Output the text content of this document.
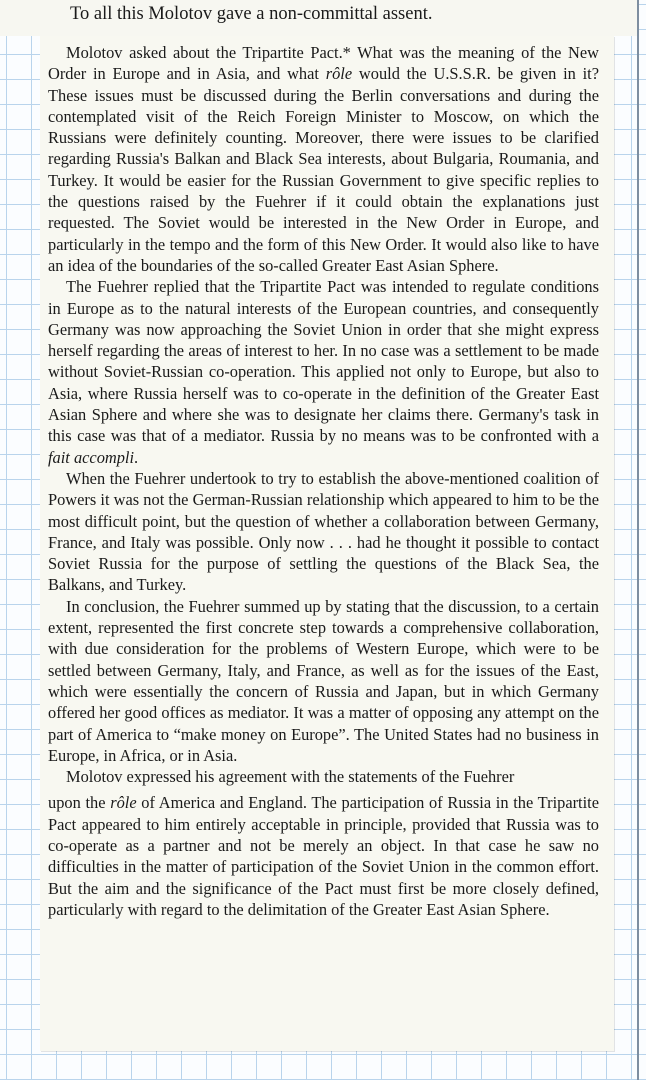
To all this Molotov gave a non-committal assent.

Molotov asked about the Tripartite Pact.* What was the meaning of the New Order in Europe and in Asia, and what rôle would the U.S.S.R. be given in it? These issues must be discussed during the Berlin conversations and during the contemplated visit of the Reich Foreign Minister to Moscow, on which the Russians were definitely counting. Moreover, there were issues to be clarified regarding Russia's Balkan and Black Sea interests, about Bulgaria, Roumania, and Turkey. It would be easier for the Russian Government to give specific replies to the questions raised by the Fuehrer if it could obtain the explanations just requested. The Soviet would be interested in the New Order in Europe, and particularly in the tempo and the form of this New Order. It would also like to have an idea of the boundaries of the so-called Greater East Asian Sphere.

The Fuehrer replied that the Tripartite Pact was intended to regulate conditions in Europe as to the natural interests of the European countries, and consequently Germany was now approaching the Soviet Union in order that she might express herself regarding the areas of interest to her. In no case was a settlement to be made without Soviet-Russian co-operation. This applied not only to Europe, but also to Asia, where Russia herself was to co-operate in the definition of the Greater East Asian Sphere and where she was to designate her claims there. Germany's task in this case was that of a mediator. Russia by no means was to be confronted with a fait accompli.

When the Fuehrer undertook to try to establish the above-mentioned coalition of Powers it was not the German-Russian relationship which appeared to him to be the most difficult point, but the question of whether a collaboration between Germany, France, and Italy was possible. Only now . . . had he thought it possible to contact Soviet Russia for the purpose of settling the questions of the Black Sea, the Balkans, and Turkey.

In conclusion, the Fuehrer summed up by stating that the discussion, to a certain extent, represented the first concrete step towards a comprehensive collaboration, with due consideration for the problems of Western Europe, which were to be settled between Germany, Italy, and France, as well as for the issues of the East, which were essentially the concern of Russia and Japan, but in which Germany offered her good offices as mediator. It was a matter of opposing any attempt on the part of America to “make money on Europe”. The United States had no business in Europe, in Africa, or in Asia.

Molotov expressed his agreement with the statements of the Fuehrer

upon the rôle of America and England. The participation of Russia in the Tripartite Pact appeared to him entirely acceptable in principle, provided that Russia was to co-operate as a partner and not be merely an object. In that case he saw no difficulties in the matter of participation of the Soviet Union in the common effort. But the aim and the significance of the Pact must first be more closely defined, particularly with regard to the delimitation of the Greater East Asian Sphere.
